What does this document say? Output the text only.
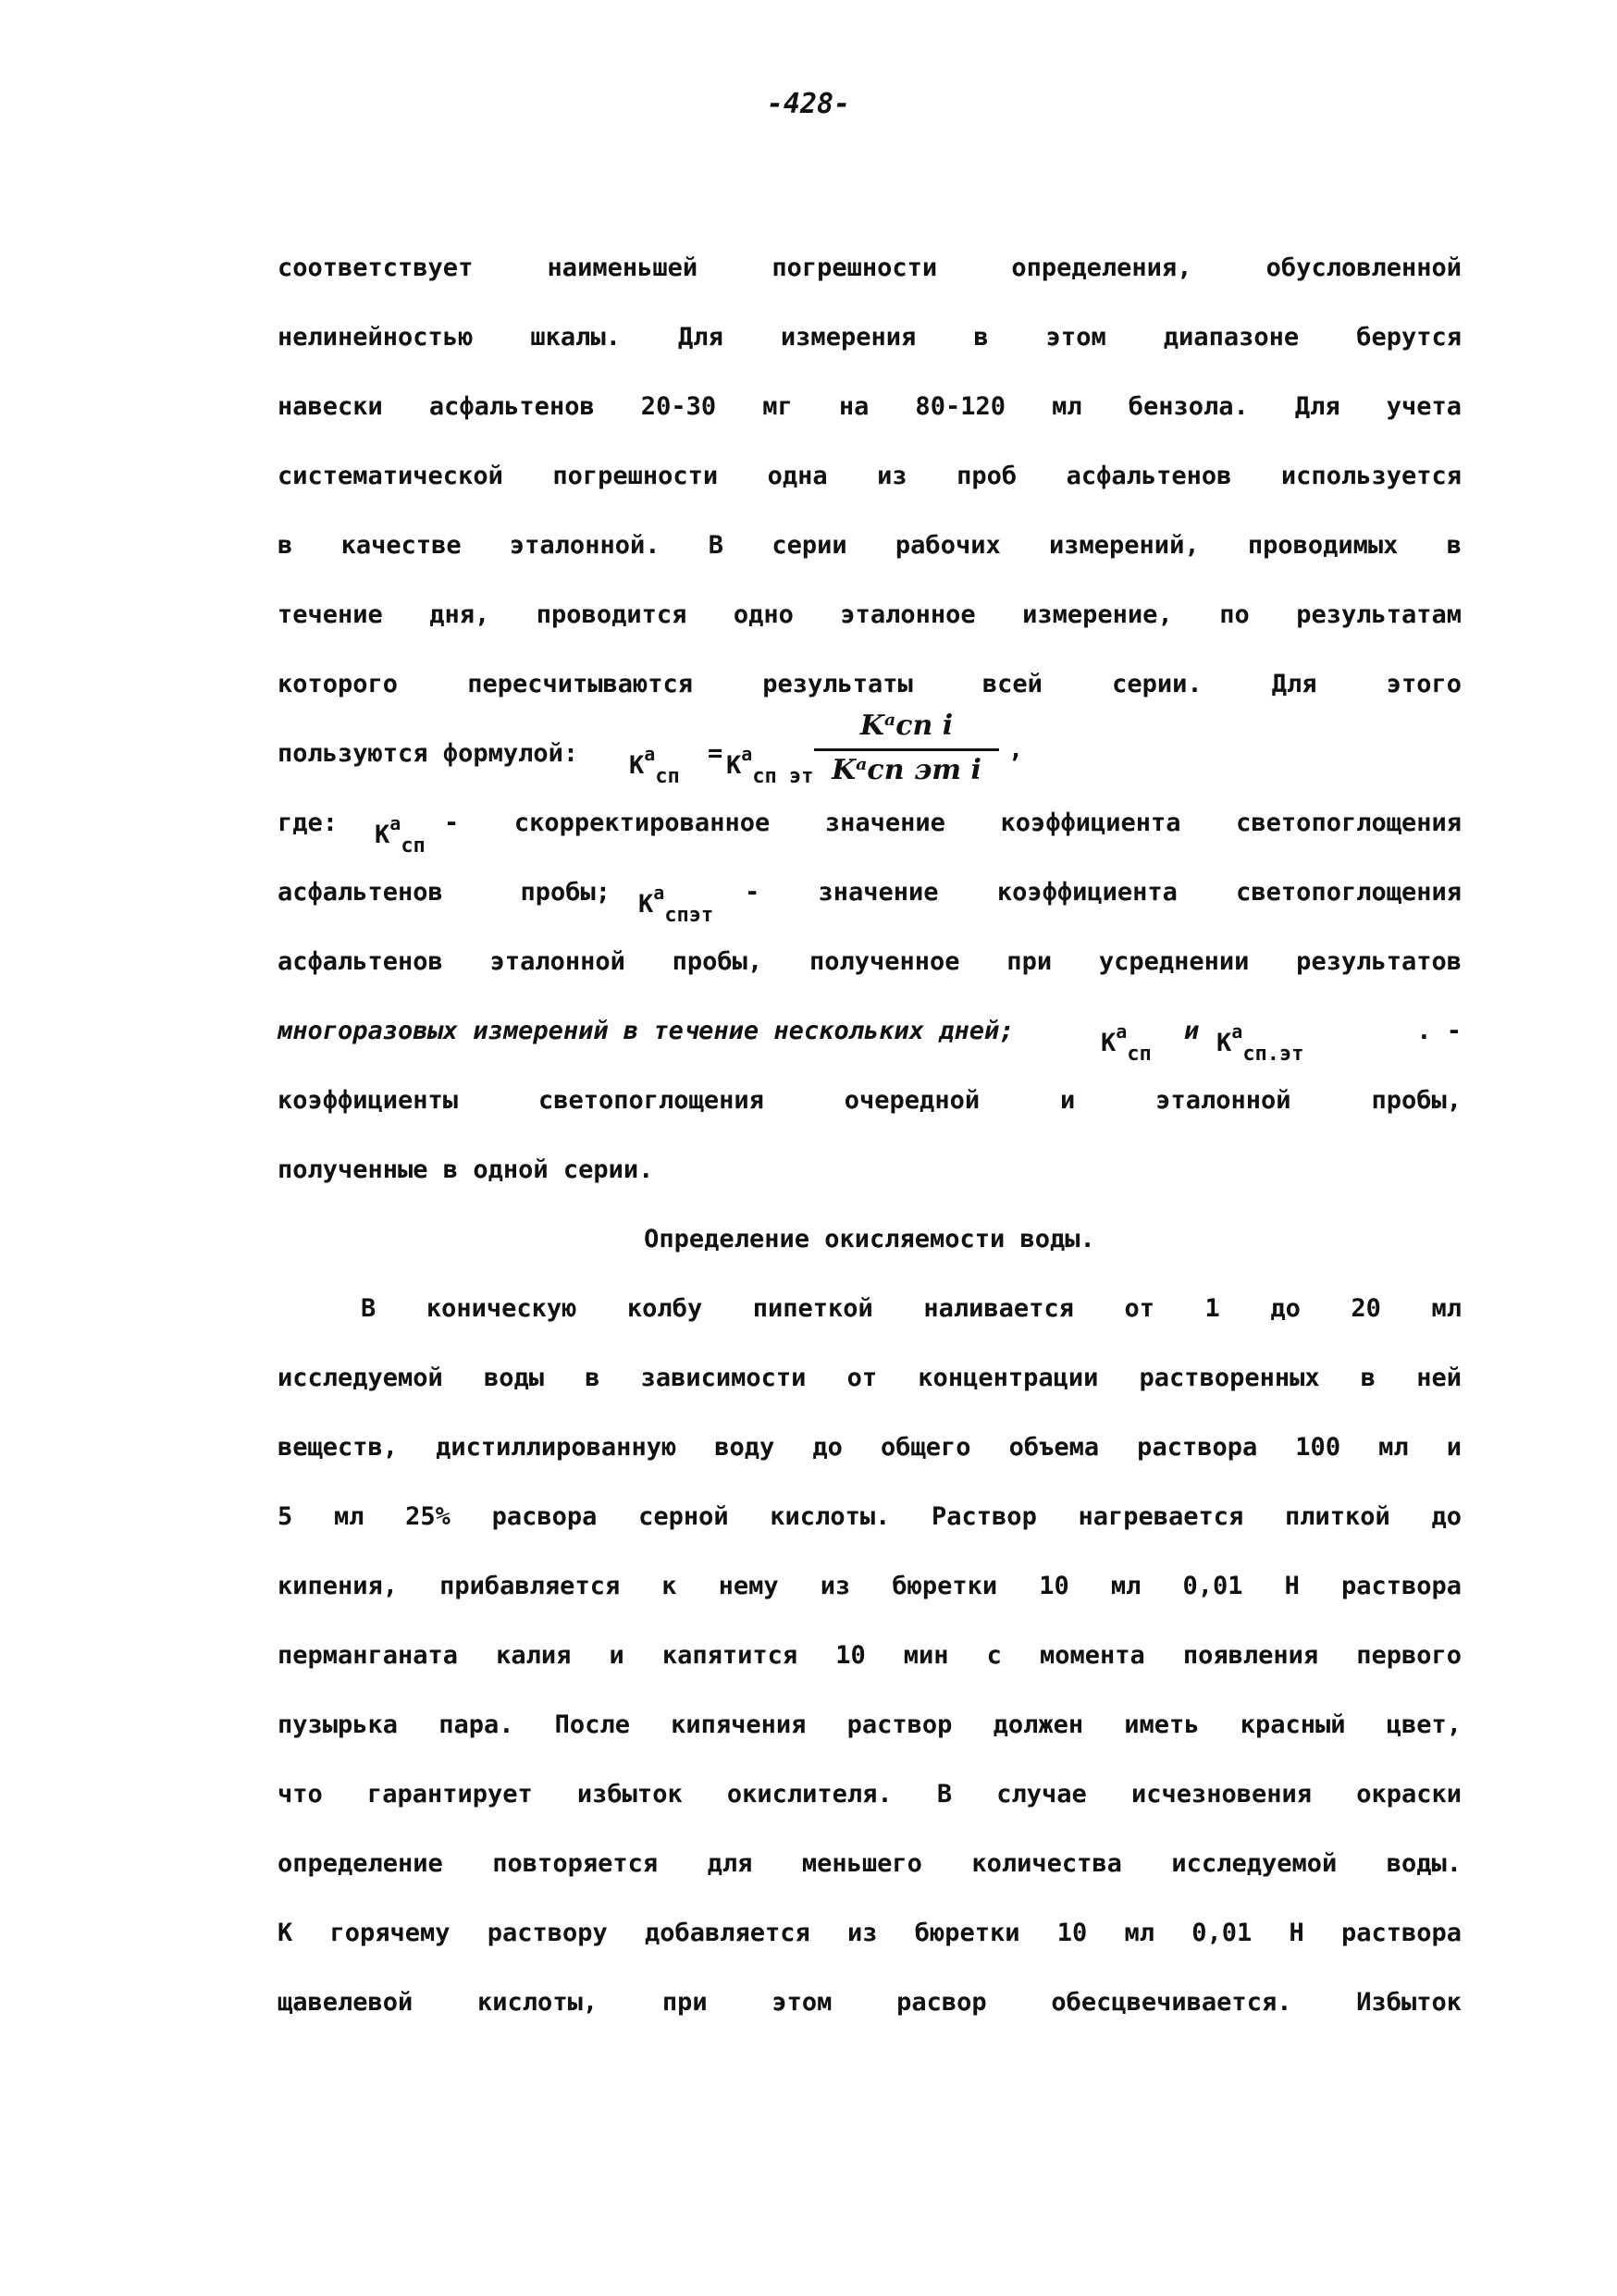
-428-
соответствует наименьшей погрешности определения, обусловленной
нелинейностью шкалы. Для измерения в этом диапазоне берутся
навески асфальтенов 20-30 мг на 80-120 мл бензола. Для учета
систематической погрешности одна из проб асфальтенов используется
в качестве эталонной. В серии рабочих измерений, проводимых в
течение дня, проводится одно эталонное измерение, по результатам
которого пересчитываются результаты всей серии. Для этого
пользуются формулой: $K^a_{сп}$
= $K^a_{сп эт}$
Kᵃсп i
Kᵃсп эт i
,
где: $K^a_{сп}$
- скорректированное значение коэффициента светопоглощения
асфальтенов пробы; $K^a_{спэт}$
- значение коэффициента светопоглощения
асфальтенов эталонной пробы, полученное при усреднении результатов
многоразовых измерений в течение нескольких дней;	$K^a_{сп}$
и $K^a_{сп.эт}$
. -
коэффициенты светопоглощения очередной и эталонной пробы,
полученные в одной серии.
Определение окисляемости воды.
В коническую колбу пипеткой наливается от 1 до 20 мл
исследуемой воды в зависимости от концентрации растворенных в ней
веществ, дистиллированную воду до общего объема раствора 100 мл и
5 мл 25% расвора серной кислоты. Раствор нагревается плиткой до
кипения, прибавляется к нему из бюретки 10 мл 0,01 Н раствора
перманганата калия и капятится 10 мин с момента появления первого
пузырька пара. После кипячения раствор должен иметь красный цвет,
что гарантирует избыток окислителя. В случае исчезновения окраски
определение повторяется для меньшего количества исследуемой воды.
К горячему раствору добавляется из бюретки 10 мл 0,01 Н раствора
щавелевой кислоты, при этом расвор обесцвечивается. Избыток
